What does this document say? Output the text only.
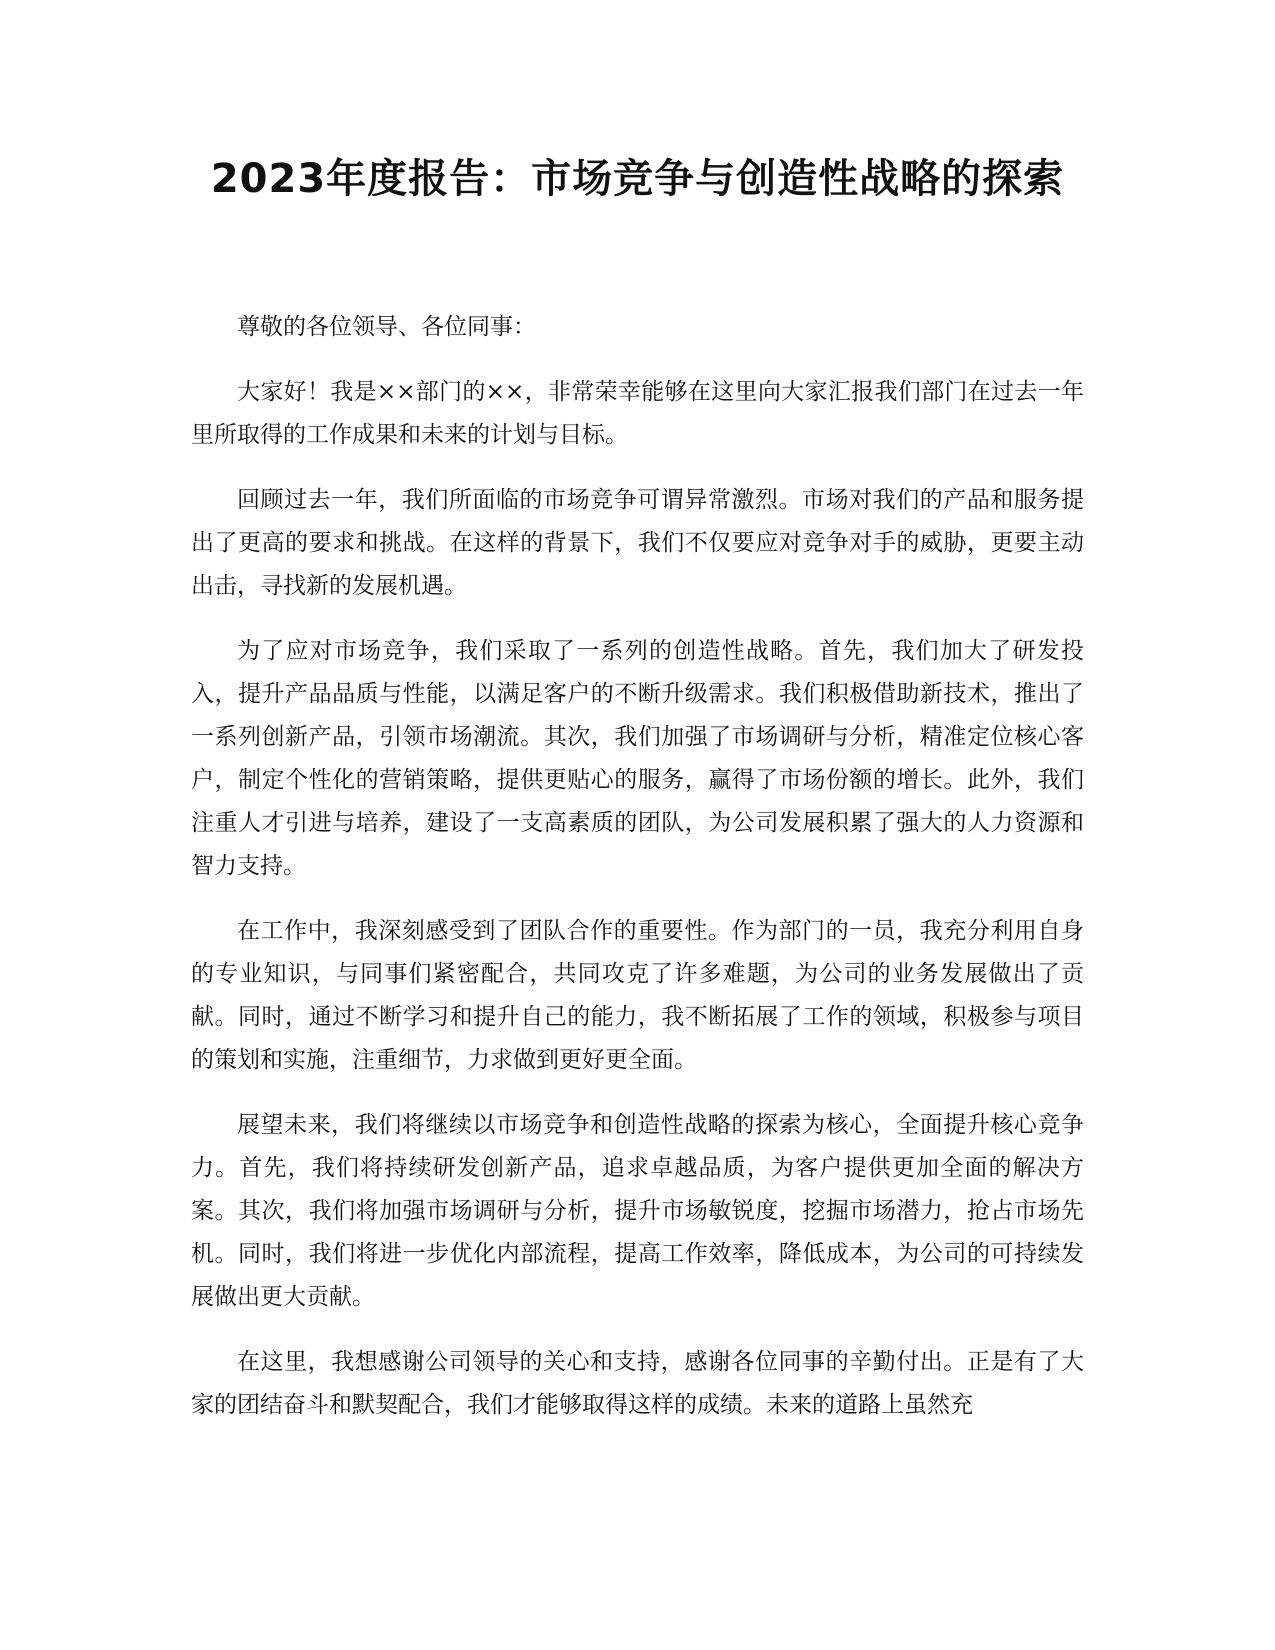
2023年度报告：市场竞争与创造性战略的探索

尊敬的各位领导、各位同事：

大家好！我是××部门的××，非常荣幸能够在这里向大家汇报我们部门在过去一年里所取得的工作成果和未来的计划与目标。

回顾过去一年，我们所面临的市场竞争可谓异常激烈。市场对我们的产品和服务提出了更高的要求和挑战。在这样的背景下，我们不仅要应对竞争对手的威胁，更要主动出击，寻找新的发展机遇。

为了应对市场竞争，我们采取了一系列的创造性战略。首先，我们加大了研发投入，提升产品品质与性能，以满足客户的不断升级需求。我们积极借助新技术，推出了一系列创新产品，引领市场潮流。其次，我们加强了市场调研与分析，精准定位核心客户，制定个性化的营销策略，提供更贴心的服务，赢得了市场份额的增长。此外，我们注重人才引进与培养，建设了一支高素质的团队，为公司发展积累了强大的人力资源和智力支持。

在工作中，我深刻感受到了团队合作的重要性。作为部门的一员，我充分利用自身的专业知识，与同事们紧密配合，共同攻克了许多难题，为公司的业务发展做出了贡献。同时，通过不断学习和提升自己的能力，我不断拓展了工作的领域，积极参与项目的策划和实施，注重细节，力求做到更好更全面。

展望未来，我们将继续以市场竞争和创造性战略的探索为核心，全面提升核心竞争力。首先，我们将持续研发创新产品，追求卓越品质，为客户提供更加全面的解决方案。其次，我们将加强市场调研与分析，提升市场敏锐度，挖掘市场潜力，抢占市场先机。同时，我们将进一步优化内部流程，提高工作效率，降低成本，为公司的可持续发展做出更大贡献。

在这里，我想感谢公司领导的关心和支持，感谢各位同事的辛勤付出。正是有了大家的团结奋斗和默契配合，我们才能够取得这样的成绩。未来的道路上虽然充
